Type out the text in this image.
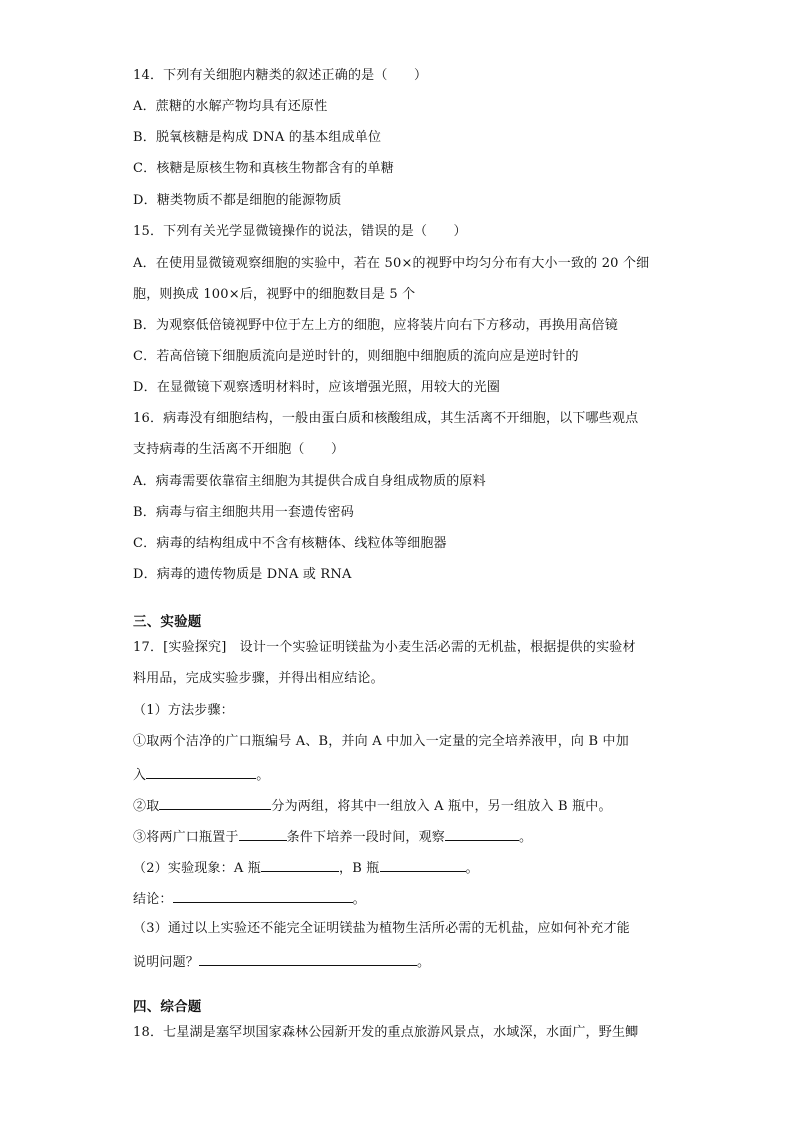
14．下列有关细胞内糖类的叙述正确的是（　　）
A．蔗糖的水解产物均具有还原性
B．脱氧核糖是构成 DNA 的基本组成单位
C．核糖是原核生物和真核生物都含有的单糖
D．糖类物质不都是细胞的能源物质
15．下列有关光学显微镜操作的说法，错误的是（　　）
A．在使用显微镜观察细胞的实验中，若在 50×的视野中均匀分布有大小一致的 20 个细
胞，则换成 100×后，视野中的细胞数目是 5 个
B．为观察低倍镜视野中位于左上方的细胞，应将装片向右下方移动，再换用高倍镜
C．若高倍镜下细胞质流向是逆时针的，则细胞中细胞质的流向应是逆时针的
D．在显微镜下观察透明材料时，应该增强光照，用较大的光圈
16．病毒没有细胞结构，一般由蛋白质和核酸组成，其生活离不开细胞，以下哪些观点
支持病毒的生活离不开细胞（　　）
A．病毒需要依靠宿主细胞为其提供合成自身组成物质的原料
B．病毒与宿主细胞共用一套遗传密码
C．病毒的结构组成中不含有核糖体、线粒体等细胞器
D．病毒的遗传物质是 DNA 或 RNA
三、实验题
17．[实验探究]　设计一个实验证明镁盐为小麦生活必需的无机盐，根据提供的实验材
料用品，完成实验步骤，并得出相应结论。
（1）方法步骤：
①取两个洁净的广口瓶编号 A、B，并向 A 中加入一定量的完全培养液甲，向 B 中加
入	。
②取	分为两组，将其中一组放入 A 瓶中，另一组放入 B 瓶中。
③将两广口瓶置于	条件下培养一段时间，观察	。
（2）实验现象：A 瓶	，B 瓶	。
结论：	。
（3）通过以上实验还不能完全证明镁盐为植物生活所必需的无机盐，应如何补充才能
说明问题？	。
四、综合题
18．七星湖是塞罕坝国家森林公园新开发的重点旅游风景点，水域深，水面广，野生鲫
